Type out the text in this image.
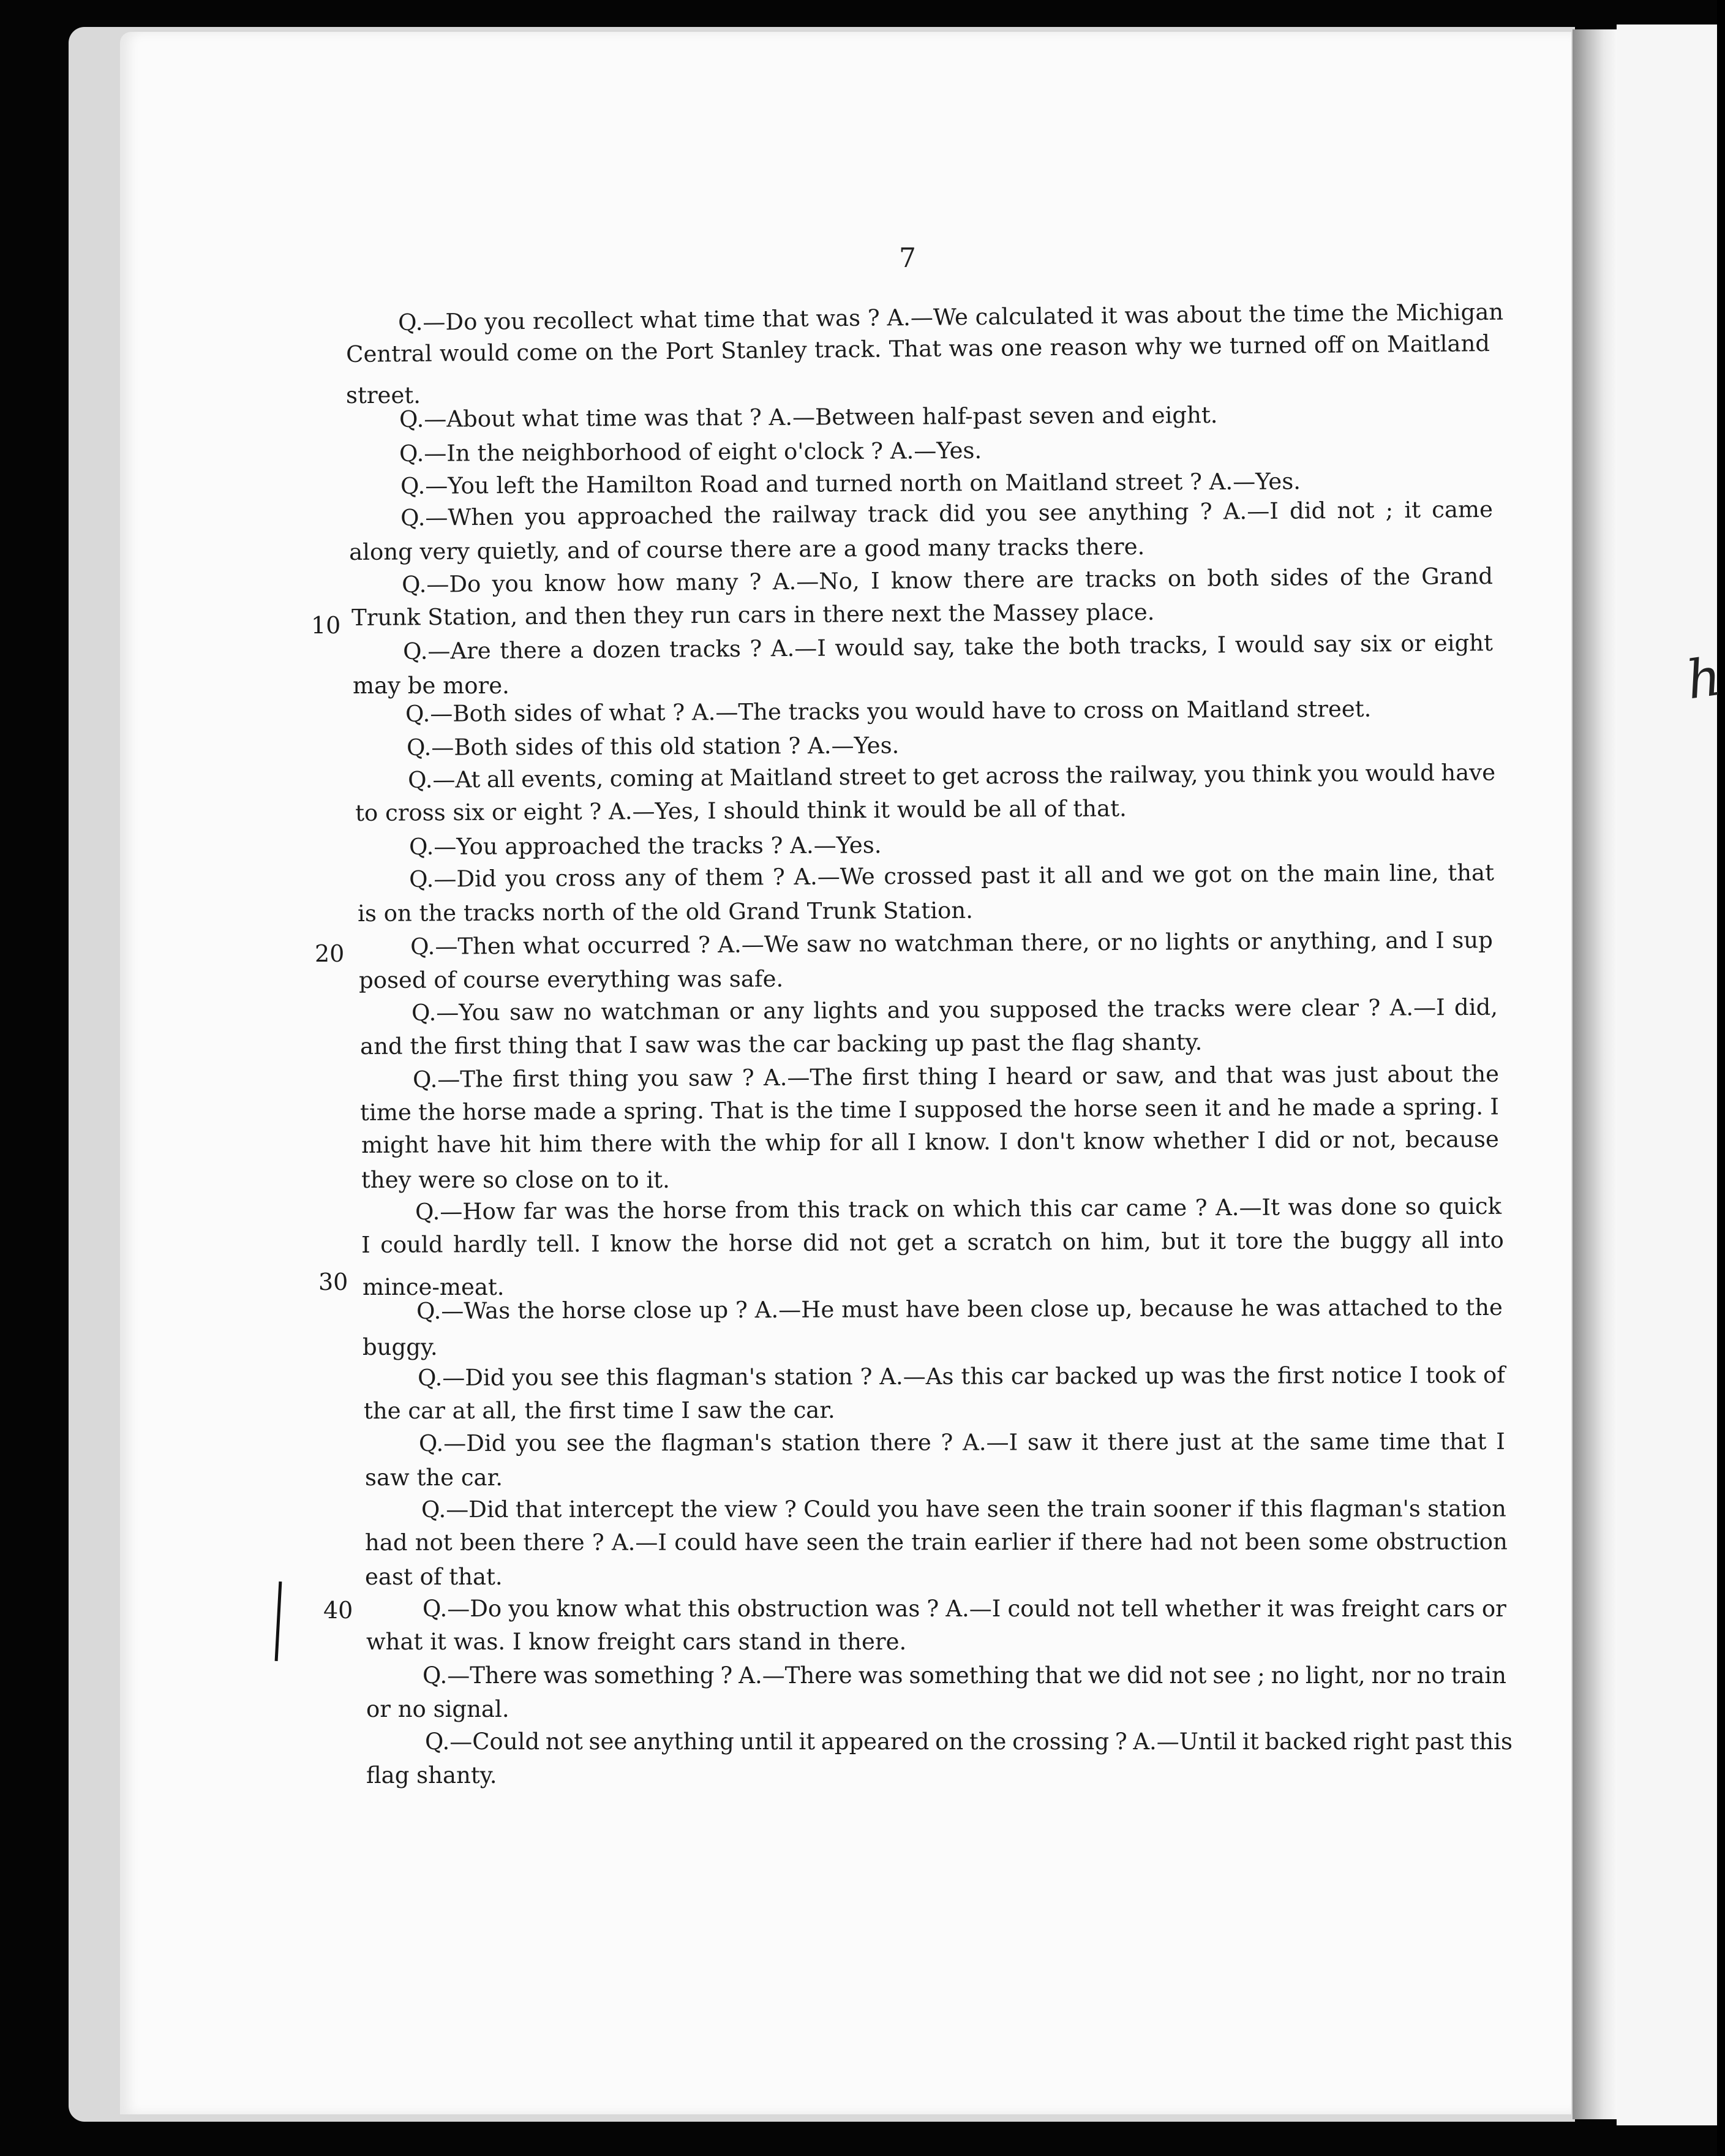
h
7
10
20
30
40
Q.—Do you recollect what time that was ? A.—We calculated it was about the time the Michigan
Central would come on the Port Stanley track. That was one reason why we turned off on Maitland
street.
Q.—About what time was that ? A.—Between half-past seven and eight.
Q.—In the neighborhood of eight o'clock ? A.—Yes.
Q.—You left the Hamilton Road and turned north on Maitland street ? A.—Yes.
Q.—When you approached the railway track did you see anything ? A.—I did not ; it came
along very quietly, and of course there are a good many tracks there.
Q.—Do you know how many ? A.—No, I know there are tracks on both sides of the Grand
Trunk Station, and then they run cars in there next the Massey place.
Q.—Are there a dozen tracks ? A.—I would say, take the both tracks, I would say six or eight
may be more.
Q.—Both sides of what ? A.—The tracks you would have to cross on Maitland street.
Q.—Both sides of this old station ? A.—Yes.
Q.—At all events, coming at Maitland street to get across the railway, you think you would have
to cross six or eight ? A.—Yes, I should think it would be all of that.
Q.—You approached the tracks ? A.—Yes.
Q.—Did you cross any of them ? A.—We crossed past it all and we got on the main line, that
is on the tracks north of the old Grand Trunk Station.
Q.—Then what occurred ? A.—We saw no watchman there, or no lights or anything, and I sup
posed of course everything was safe.
Q.—You saw no watchman or any lights and you supposed the tracks were clear ? A.—I did,
and the first thing that I saw was the car backing up past the flag shanty.
Q.—The first thing you saw ? A.—The first thing I heard or saw, and that was just about the
time the horse made a spring. That is the time I supposed the horse seen it and he made a spring. I
might have hit him there with the whip for all I know. I don't know whether I did or not, because
they were so close on to it.
Q.—How far was the horse from this track on which this car came ? A.—It was done so quick
I could hardly tell. I know the horse did not get a scratch on him, but it tore the buggy all into
mince-meat.
Q.—Was the horse close up ? A.—He must have been close up, because he was attached to the
buggy.
Q.—Did you see this flagman's station ? A.—As this car backed up was the first notice I took of
the car at all, the first time I saw the car.
Q.—Did you see the flagman's station there ? A.—I saw it there just at the same time that I
saw the car.
Q.—Did that intercept the view ? Could you have seen the train sooner if this flagman's station
had not been there ? A.—I could have seen the train earlier if there had not been some obstruction
east of that.
Q.—Do you know what this obstruction was ? A.—I could not tell whether it was freight cars or
what it was. I know freight cars stand in there.
Q.—There was something ? A.—There was something that we did not see ; no light, nor no train
or no signal.
Q.—Could not see anything until it appeared on the crossing ? A.—Until it backed right past this
flag shanty.
